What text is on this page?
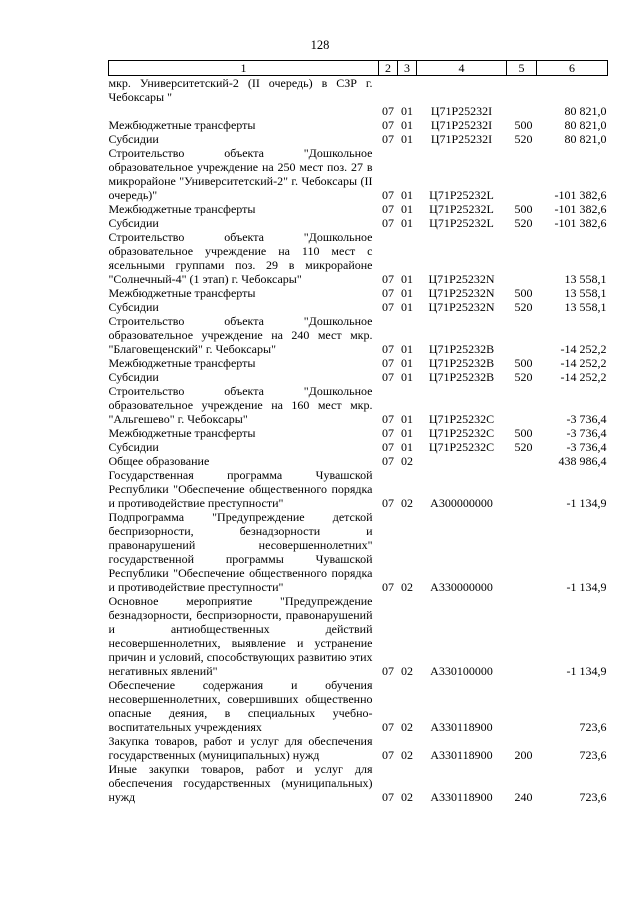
128
1	2	3	4	5	6
мкр. Университетский-2 (II очередь) в СЗР г. Чебоксары "					
	07	01	Ц71Р25232I		80 821,0
Межбюджетные трансферты	07	01	Ц71Р25232I	500	80 821,0
Субсидии	07	01	Ц71Р25232I	520	80 821,0
Строительство объекта "Дошкольное образовательное учреждение на 250 мест поз. 27 в микрорайоне "Университетский-2" г. Чебоксары (II очередь)"	07	01	Ц71Р25232L		-101 382,6
Межбюджетные трансферты	07	01	Ц71Р25232L	500	-101 382,6
Субсидии	07	01	Ц71Р25232L	520	-101 382,6
Строительство объекта "Дошкольное образовательное учреждение на 110 мест с ясельными группами поз. 29 в микрорайоне "Солнечный-4" (1 этап) г. Чебоксары"	07	01	Ц71Р25232N		13 558,1
Межбюджетные трансферты	07	01	Ц71Р25232N	500	13 558,1
Субсидии	07	01	Ц71Р25232N	520	13 558,1
Строительство объекта "Дошкольное образовательное учреждение на 240 мест мкр. "Благовещенский" г. Чебоксары"	07	01	Ц71Р25232В		-14 252,2
Межбюджетные трансферты	07	01	Ц71Р25232В	500	-14 252,2
Субсидии	07	01	Ц71Р25232В	520	-14 252,2
Строительство объекта "Дошкольное образовательное учреждение на 160 мест мкр. "Альгешево" г. Чебоксары"	07	01	Ц71Р25232С		-3 736,4
Межбюджетные трансферты	07	01	Ц71Р25232С	500	-3 736,4
Субсидии	07	01	Ц71Р25232С	520	-3 736,4
Общее образование	07	02			438 986,4
Государственная программа Чувашской Республики "Обеспечение общественного порядка и противодействие преступности"	07	02	А300000000		-1 134,9
Подпрограмма "Предупреждение детской беспризорности, безнадзорности и правонарушений несовершеннолетних" государственной программы Чувашской Республики "Обеспечение общественного порядка и противодействие преступности"	07	02	А330000000		-1 134,9
Основное мероприятие "Предупреждение безнадзорности, беспризорности, правонарушений и антиобщественных действий несовершеннолетних, выявление и устранение причин и условий, способствующих развитию этих негативных явлений"	07	02	А330100000		-1 134,9
Обеспечение содержания и обучения несовершеннолетних, совершивших общественно опасные деяния, в специальных учебно-воспитательных учреждениях	07	02	А330118900		723,6
Закупка товаров, работ и услуг для обеспечения государственных (муниципальных) нужд	07	02	А330118900	200	723,6
Иные закупки товаров, работ и услуг для обеспечения государственных (муниципальных) нужд	07	02	А330118900	240	723,6
